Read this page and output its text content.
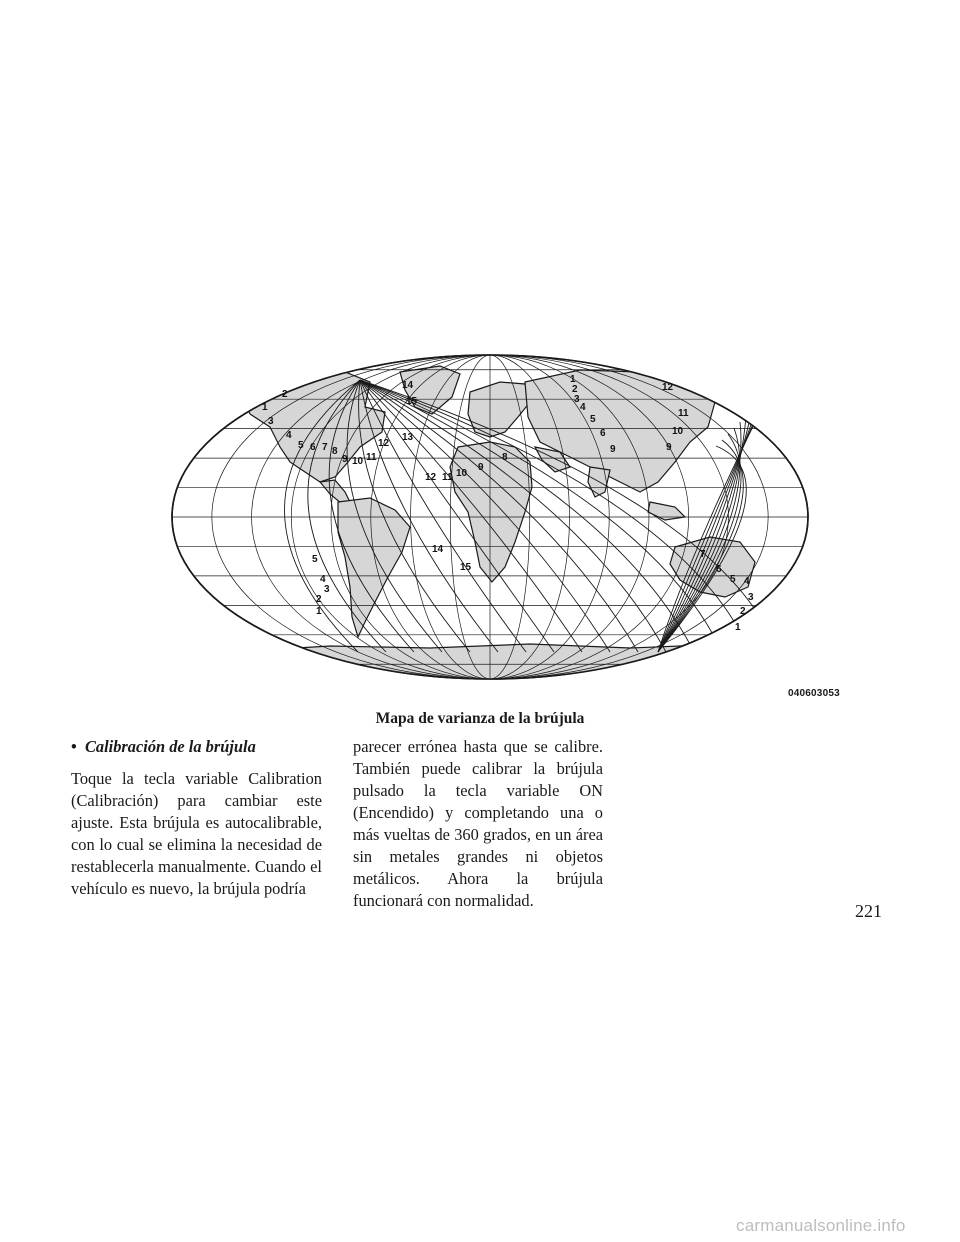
2
1
3
4
5 6 7 8
9 10 11
12
13
14
15
5
4
3
2
1
14
15
12 11 10
9
8
1
2
3
4
5
6
9
12
11
10
9
7
6
5 4
3
2
1
040603053
Mapa de varianza de la brújula
• Calibración de la brújula
Toque la tecla variable Calibration (Calibración) para cambiar este ajuste. Esta brújula es autocalibrable, con lo cual se elimina la necesidad de restablecerla manualmente. Cuando el vehículo es nuevo, la brújula podría
parecer errónea hasta que se calibre. También puede calibrar la brújula pulsado la tecla variable ON (Encendido) y completando una o más vueltas de 360 grados, en un área sin metales grandes ni objetos metálicos. Ahora la brújula funcionará con normalidad.
221
carmanualsonline.info
